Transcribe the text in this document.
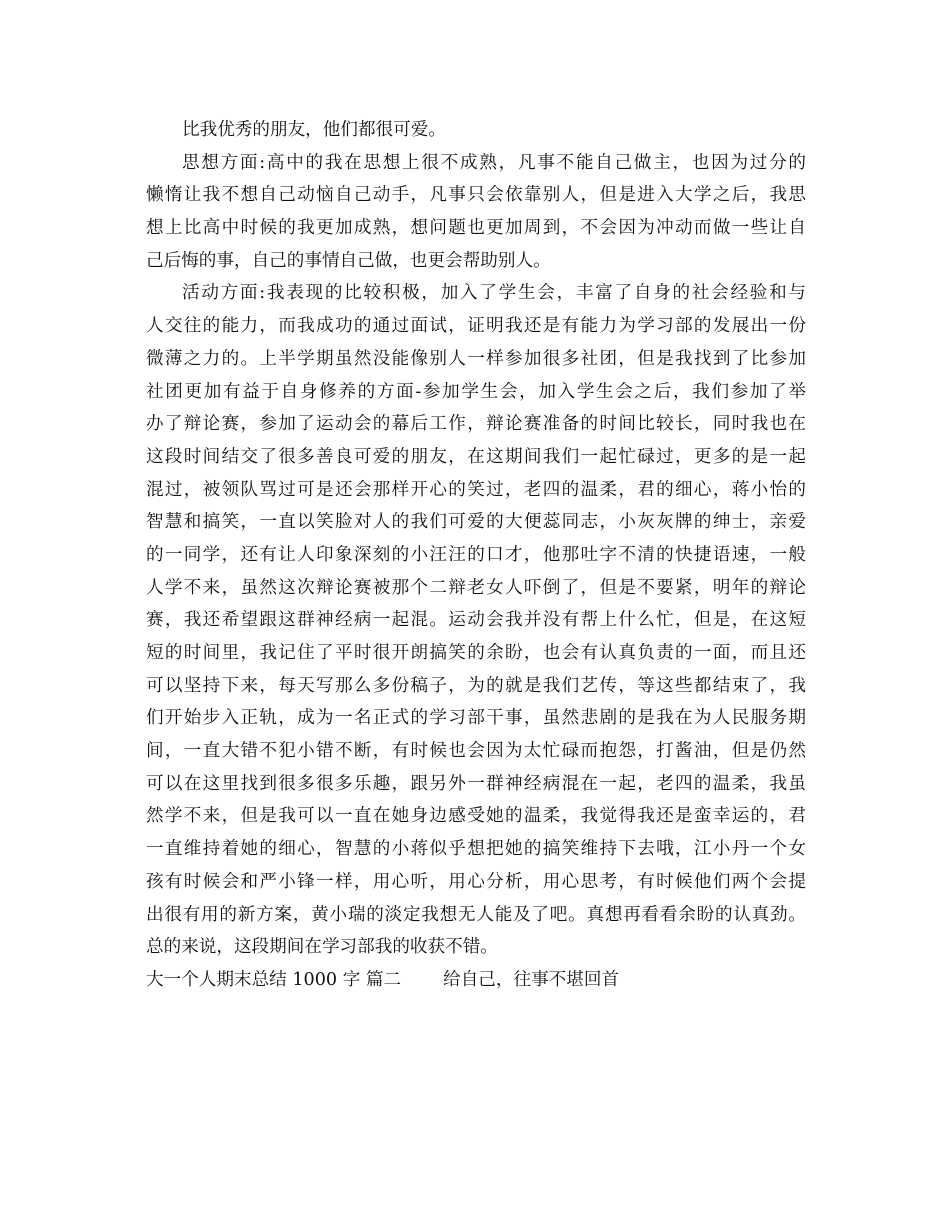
比我优秀的朋友，他们都很可爱。
思想方面:高中的我在思想上很不成熟，凡事不能自己做主，也因为过分的
懒惰让我不想自己动恼自己动手，凡事只会依靠别人，但是进入大学之后，我思
想上比高中时候的我更加成熟，想问题也更加周到，不会因为冲动而做一些让自
己后悔的事，自己的事情自己做，也更会帮助别人。
活动方面:我表现的比较积极，加入了学生会，丰富了自身的社会经验和与
人交往的能力，而我成功的通过面试，证明我还是有能力为学习部的发展出一份
微薄之力的。上半学期虽然没能像别人一样参加很多社团，但是我找到了比参加
社团更加有益于自身修养的方面-参加学生会，加入学生会之后，我们参加了举
办了辩论赛，参加了运动会的幕后工作，辩论赛准备的时间比较长，同时我也在
这段时间结交了很多善良可爱的朋友，在这期间我们一起忙碌过，更多的是一起
混过，被领队骂过可是还会那样开心的笑过，老四的温柔，君的细心，蒋小怡的
智慧和搞笑，一直以笑脸对人的我们可爱的大便蕊同志，小灰灰牌的绅士，亲爱
的一同学，还有让人印象深刻的小汪汪的口才，他那吐字不清的快捷语速，一般
人学不来，虽然这次辩论赛被那个二辩老女人吓倒了，但是不要紧，明年的辩论
赛，我还希望跟这群神经病一起混。运动会我并没有帮上什么忙，但是，在这短
短的时间里，我记住了平时很开朗搞笑的余盼，也会有认真负责的一面，而且还
可以坚持下来，每天写那么多份稿子，为的就是我们艺传，等这些都结束了，我
们开始步入正轨，成为一名正式的学习部干事，虽然悲剧的是我在为人民服务期
间，一直大错不犯小错不断，有时候也会因为太忙碌而抱怨，打酱油，但是仍然
可以在这里找到很多很多乐趣，跟另外一群神经病混在一起，老四的温柔，我虽
然学不来，但是我可以一直在她身边感受她的温柔，我觉得我还是蛮幸运的，君
一直维持着她的细心，智慧的小蒋似乎想把她的搞笑维持下去哦，江小丹一个女
孩有时候会和严小锋一样，用心听，用心分析，用心思考，有时候他们两个会提
出很有用的新方案，黄小瑞的淡定我想无人能及了吧。真想再看看余盼的认真劲。
总的来说，这段期间在学习部我的收获不错。
大一个人期末总结 1000 字 篇二 给自己，往事不堪回首
